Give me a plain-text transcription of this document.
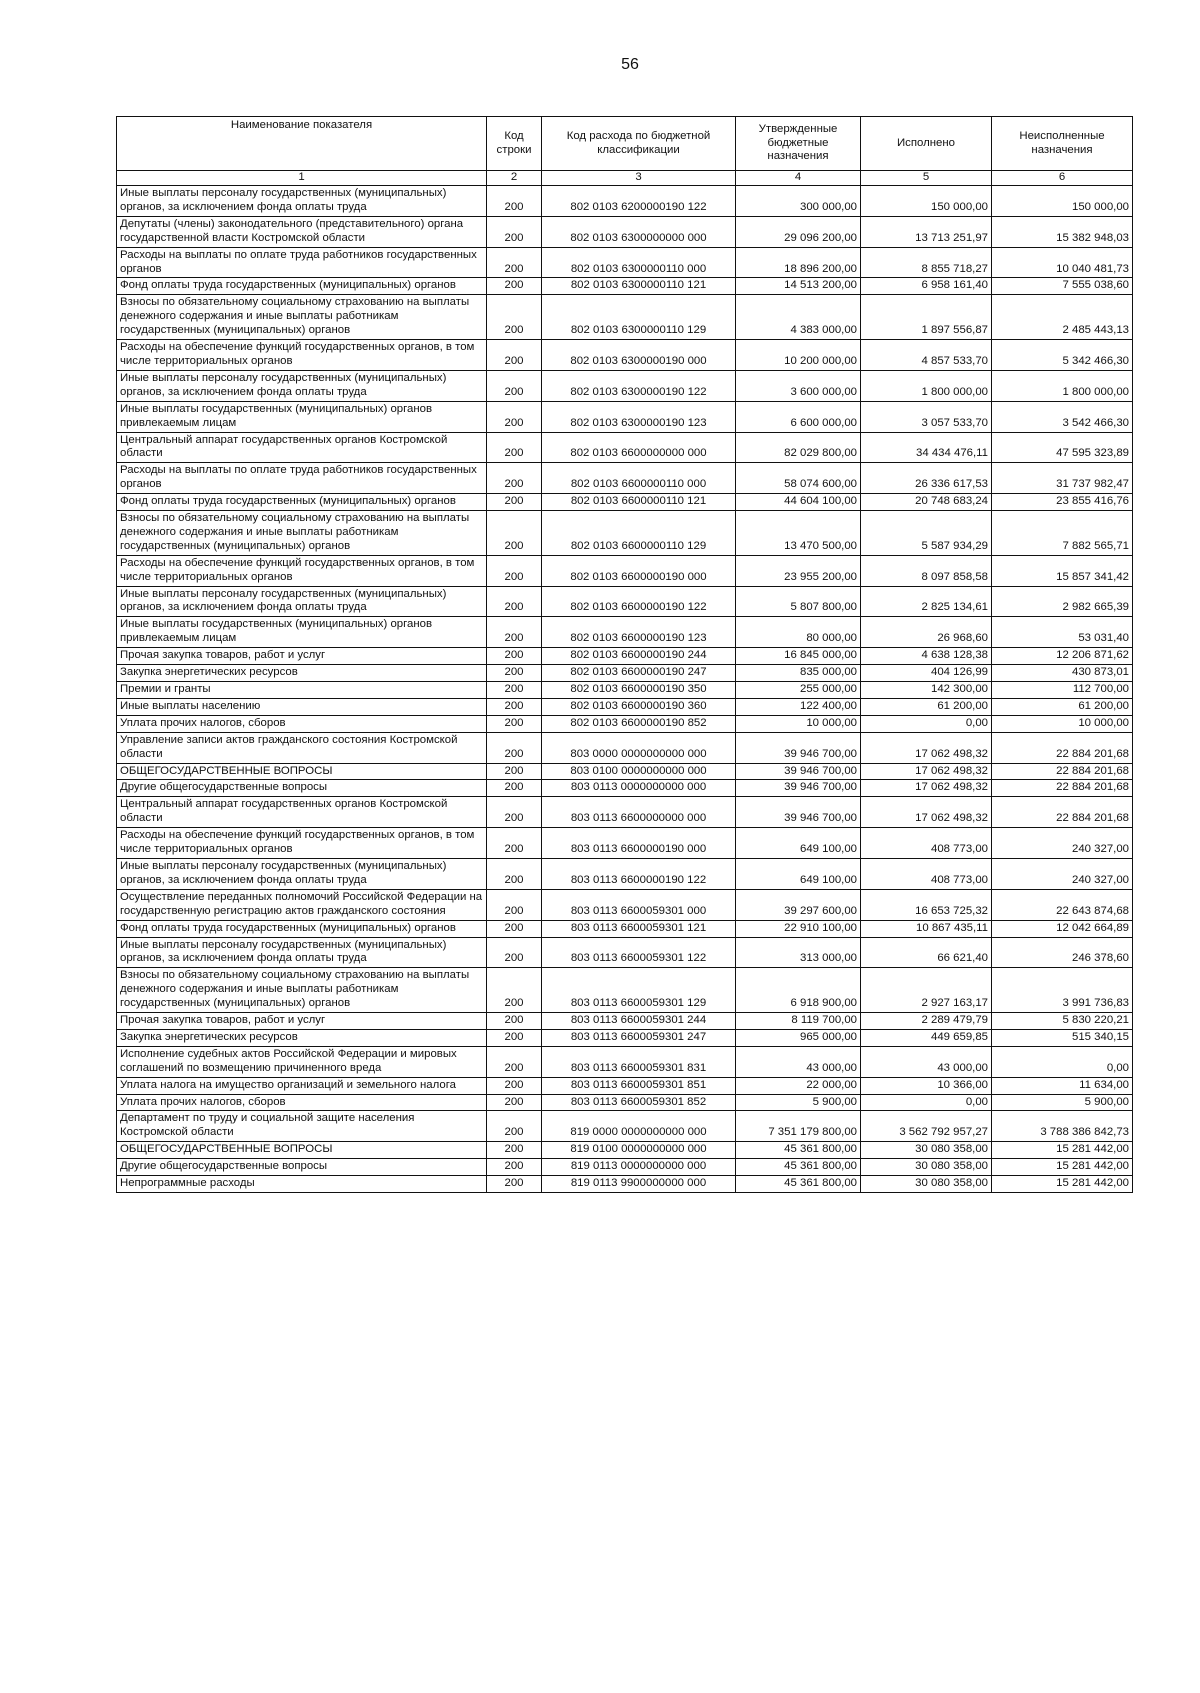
56
Наименование показателя	Код строки	Код расхода по бюджетной классификации	Утвержденные бюджетные назначения	Исполнено	Неисполненные назначения
1	2	3	4	5	6
Иные выплаты персоналу государственных (муниципальных) органов, за исключением фонда оплаты труда	200	802 0103 6200000190 122	300 000,00	150 000,00	150 000,00
Депутаты (члены) законодательного (представительного) органа государственной власти Костромской области	200	802 0103 6300000000 000	29 096 200,00	13 713 251,97	15 382 948,03
Расходы на выплаты по оплате труда работников государственных органов	200	802 0103 6300000110 000	18 896 200,00	8 855 718,27	10 040 481,73
Фонд оплаты труда государственных (муниципальных) органов	200	802 0103 6300000110 121	14 513 200,00	6 958 161,40	7 555 038,60
Взносы по обязательному социальному страхованию на выплаты денежного содержания и иные выплаты работникам государственных (муниципальных) органов	200	802 0103 6300000110 129	4 383 000,00	1 897 556,87	2 485 443,13
Расходы на обеспечение функций государственных органов, в том числе территориальных органов	200	802 0103 6300000190 000	10 200 000,00	4 857 533,70	5 342 466,30
Иные выплаты персоналу государственных (муниципальных) органов, за исключением фонда оплаты труда	200	802 0103 6300000190 122	3 600 000,00	1 800 000,00	1 800 000,00
Иные выплаты государственных (муниципальных) органов привлекаемым лицам	200	802 0103 6300000190 123	6 600 000,00	3 057 533,70	3 542 466,30
Центральный аппарат государственных органов Костромской области	200	802 0103 6600000000 000	82 029 800,00	34 434 476,11	47 595 323,89
Расходы на выплаты по оплате труда работников государственных органов	200	802 0103 6600000110 000	58 074 600,00	26 336 617,53	31 737 982,47
Фонд оплаты труда государственных (муниципальных) органов	200	802 0103 6600000110 121	44 604 100,00	20 748 683,24	23 855 416,76
Взносы по обязательному социальному страхованию на выплаты денежного содержания и иные выплаты работникам государственных (муниципальных) органов	200	802 0103 6600000110 129	13 470 500,00	5 587 934,29	7 882 565,71
Расходы на обеспечение функций государственных органов, в том числе территориальных органов	200	802 0103 6600000190 000	23 955 200,00	8 097 858,58	15 857 341,42
Иные выплаты персоналу государственных (муниципальных) органов, за исключением фонда оплаты труда	200	802 0103 6600000190 122	5 807 800,00	2 825 134,61	2 982 665,39
Иные выплаты государственных (муниципальных) органов привлекаемым лицам	200	802 0103 6600000190 123	80 000,00	26 968,60	53 031,40
Прочая закупка товаров, работ и услуг	200	802 0103 6600000190 244	16 845 000,00	4 638 128,38	12 206 871,62
Закупка энергетических ресурсов	200	802 0103 6600000190 247	835 000,00	404 126,99	430 873,01
Премии и гранты	200	802 0103 6600000190 350	255 000,00	142 300,00	112 700,00
Иные выплаты населению	200	802 0103 6600000190 360	122 400,00	61 200,00	61 200,00
Уплата прочих налогов, сборов	200	802 0103 6600000190 852	10 000,00	0,00	10 000,00
Управление записи актов гражданского состояния Костромской области	200	803 0000 0000000000 000	39 946 700,00	17 062 498,32	22 884 201,68
ОБЩЕГОСУДАРСТВЕННЫЕ ВОПРОСЫ	200	803 0100 0000000000 000	39 946 700,00	17 062 498,32	22 884 201,68
Другие общегосударственные вопросы	200	803 0113 0000000000 000	39 946 700,00	17 062 498,32	22 884 201,68
Центральный аппарат государственных органов Костромской области	200	803 0113 6600000000 000	39 946 700,00	17 062 498,32	22 884 201,68
Расходы на обеспечение функций государственных органов, в том числе территориальных органов	200	803 0113 6600000190 000	649 100,00	408 773,00	240 327,00
Иные выплаты персоналу государственных (муниципальных) органов, за исключением фонда оплаты труда	200	803 0113 6600000190 122	649 100,00	408 773,00	240 327,00
Осуществление переданных полномочий Российской Федерации на государственную регистрацию актов гражданского состояния	200	803 0113 6600059301 000	39 297 600,00	16 653 725,32	22 643 874,68
Фонд оплаты труда государственных (муниципальных) органов	200	803 0113 6600059301 121	22 910 100,00	10 867 435,11	12 042 664,89
Иные выплаты персоналу государственных (муниципальных) органов, за исключением фонда оплаты труда	200	803 0113 6600059301 122	313 000,00	66 621,40	246 378,60
Взносы по обязательному социальному страхованию на выплаты денежного содержания и иные выплаты работникам государственных (муниципальных) органов	200	803 0113 6600059301 129	6 918 900,00	2 927 163,17	3 991 736,83
Прочая закупка товаров, работ и услуг	200	803 0113 6600059301 244	8 119 700,00	2 289 479,79	5 830 220,21
Закупка энергетических ресурсов	200	803 0113 6600059301 247	965 000,00	449 659,85	515 340,15
Исполнение судебных актов Российской Федерации и мировых соглашений по возмещению причиненного вреда	200	803 0113 6600059301 831	43 000,00	43 000,00	0,00
Уплата налога на имущество организаций и земельного налога	200	803 0113 6600059301 851	22 000,00	10 366,00	11 634,00
Уплата прочих налогов, сборов	200	803 0113 6600059301 852	5 900,00	0,00	5 900,00
Департамент по труду и социальной защите населения Костромской области	200	819 0000 0000000000 000	7 351 179 800,00	3 562 792 957,27	3 788 386 842,73
ОБЩЕГОСУДАРСТВЕННЫЕ ВОПРОСЫ	200	819 0100 0000000000 000	45 361 800,00	30 080 358,00	15 281 442,00
Другие общегосударственные вопросы	200	819 0113 0000000000 000	45 361 800,00	30 080 358,00	15 281 442,00
Непрограммные расходы	200	819 0113 9900000000 000	45 361 800,00	30 080 358,00	15 281 442,00
